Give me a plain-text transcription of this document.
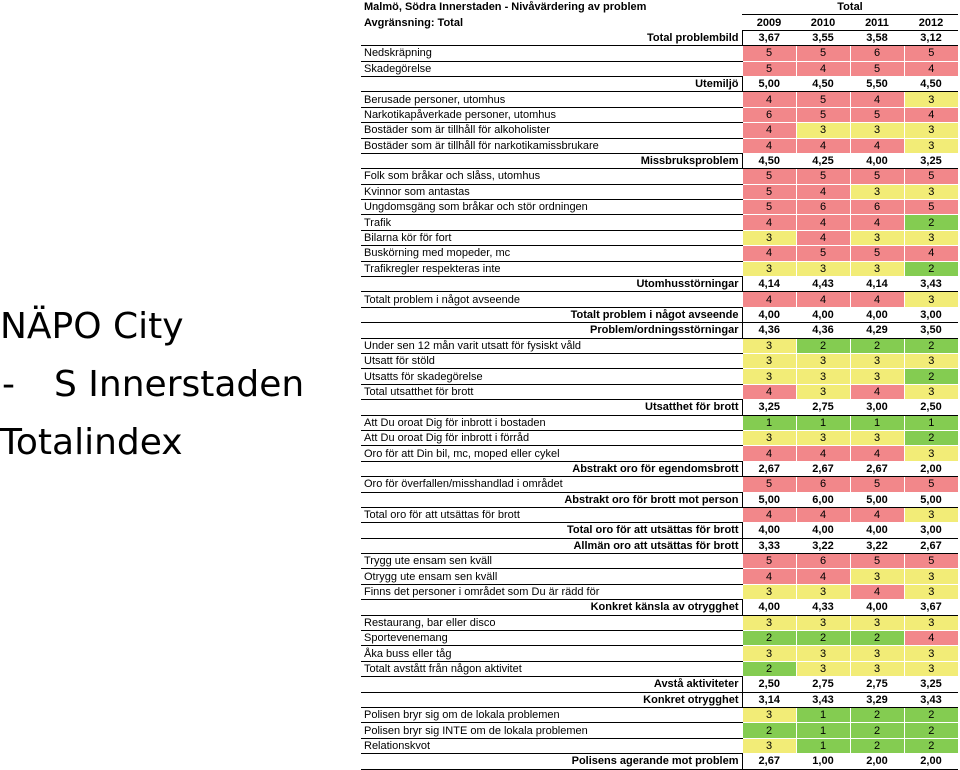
NÄPO City
- S Innerstaden
Totalindex
Malmö, Södra Innerstaden - Nivåvärdering av problem	Total			
Avgränsning: Total	2009	2010	2011	2012
Total problembild	3,67	3,55	3,58	3,12
Nedskräpning	5	5	6	5
Skadegörelse	5	4	5	4
Utemiljö	5,00	4,50	5,50	4,50
Berusade personer, utomhus	4	5	4	3
Narkotikapåverkade personer, utomhus	6	5	5	4
Bostäder som är tillhåll för alkoholister	4	3	3	3
Bostäder som är tillhåll för narkotikamissbrukare	4	4	4	3
Missbruksproblem	4,50	4,25	4,00	3,25
Folk som bråkar och slåss, utomhus	5	5	5	5
Kvinnor som antastas	5	4	3	3
Ungdomsgäng som bråkar och stör ordningen	5	6	6	5
Trafik	4	4	4	2
Bilarna kör för fort	3	4	3	3
Buskörning med mopeder, mc	4	5	5	4
Trafikregler respekteras inte	3	3	3	2
Utomhusstörningar	4,14	4,43	4,14	3,43
Totalt problem i något avseende	4	4	4	3
Totalt problem i något avseende	4,00	4,00	4,00	3,00
Problem/ordningsstörningar	4,36	4,36	4,29	3,50
Under sen 12 mån varit utsatt för fysiskt våld	3	2	2	2
Utsatt för stöld	3	3	3	3
Utsatts för skadegörelse	3	3	3	2
Total utsatthet för brott	4	3	4	3
Utsatthet för brott	3,25	2,75	3,00	2,50
Att Du oroat Dig för inbrott i bostaden	1	1	1	1
Att Du oroat Dig för inbrott i förråd	3	3	3	2
Oro för att Din bil, mc, moped eller cykel	4	4	4	3
Abstrakt oro för egendomsbrott	2,67	2,67	2,67	2,00
Oro för överfallen/misshandlad i området	5	6	5	5
Abstrakt oro för brott mot person	5,00	6,00	5,00	5,00
Total oro för att utsättas för brott	4	4	4	3
Total oro för att utsättas för brott	4,00	4,00	4,00	3,00
Allmän oro att utsättas för brott	3,33	3,22	3,22	2,67
Trygg ute ensam sen kväll	5	6	5	5
Otrygg ute ensam sen kväll	4	4	3	3
Finns det personer i området som Du är rädd för	3	3	4	3
Konkret känsla av otrygghet	4,00	4,33	4,00	3,67
Restaurang, bar eller disco	3	3	3	3
Sportevenemang	2	2	2	4
Åka buss eller tåg	3	3	3	3
Totalt avstått från någon aktivitet	2	3	3	3
Avstå aktiviteter	2,50	2,75	2,75	3,25
Konkret otrygghet	3,14	3,43	3,29	3,43
Polisen bryr sig om de lokala problemen	3	1	2	2
Polisen bryr sig INTE om de lokala problemen	2	1	2	2
Relationskvot	3	1	2	2
Polisens agerande mot problem	2,67	1,00	2,00	2,00
